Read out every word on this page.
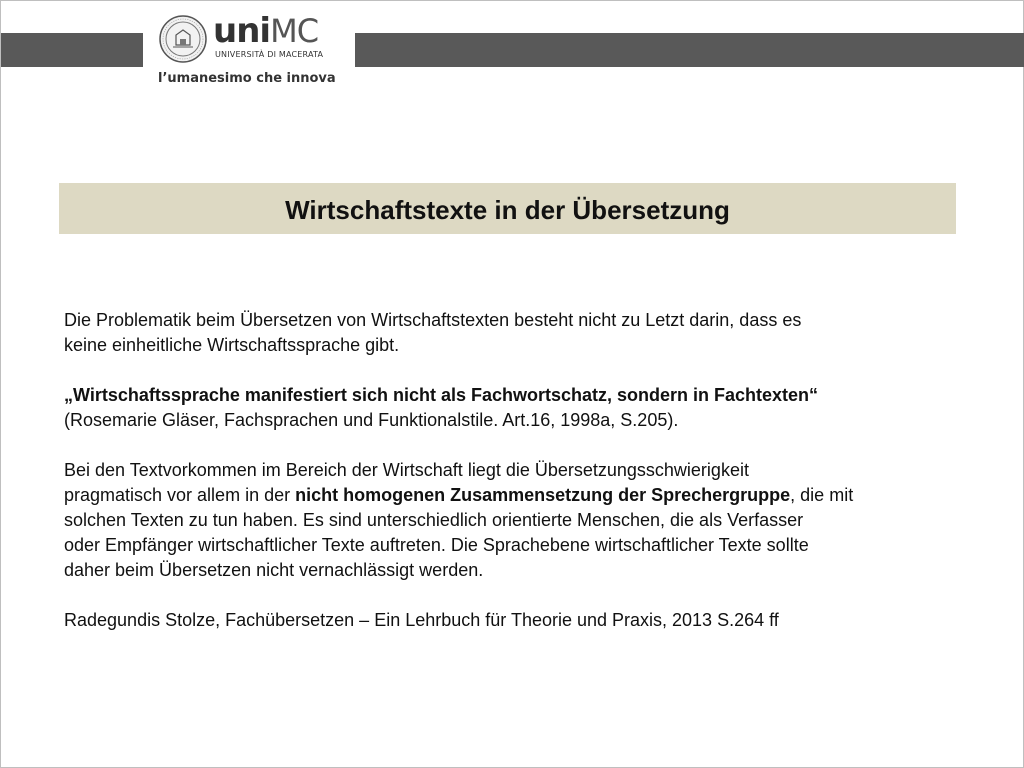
uni MC
UNIVERSITÀ DI MACERATA
l’umanesimo che innova
Wirtschaftstexte in der Übersetzung

Die Problematik beim Übersetzen von Wirtschaftstexten besteht nicht zu Letzt darin, dass es
keine einheitliche Wirtschaftssprache gibt.

„Wirtschaftssprache manifestiert sich nicht als Fachwortschatz, sondern in Fachtexten“
(Rosemarie Gläser, Fachsprachen und Funktionalstile. Art.16, 1998a, S.205).

Bei den Textvorkommen im Bereich der Wirtschaft liegt die Übersetzungsschwierigkeit
pragmatisch vor allem in der nicht homogenen Zusammensetzung der Sprechergruppe, die mit
solchen Texten zu tun haben. Es sind unterschiedlich orientierte Menschen, die als Verfasser
oder Empfänger wirtschaftlicher Texte auftreten. Die Sprachebene wirtschaftlicher Texte sollte
daher beim Übersetzen nicht vernachlässigt werden.

Radegundis Stolze, Fachübersetzen – Ein Lehrbuch für Theorie und Praxis, 2013 S.264 ff
